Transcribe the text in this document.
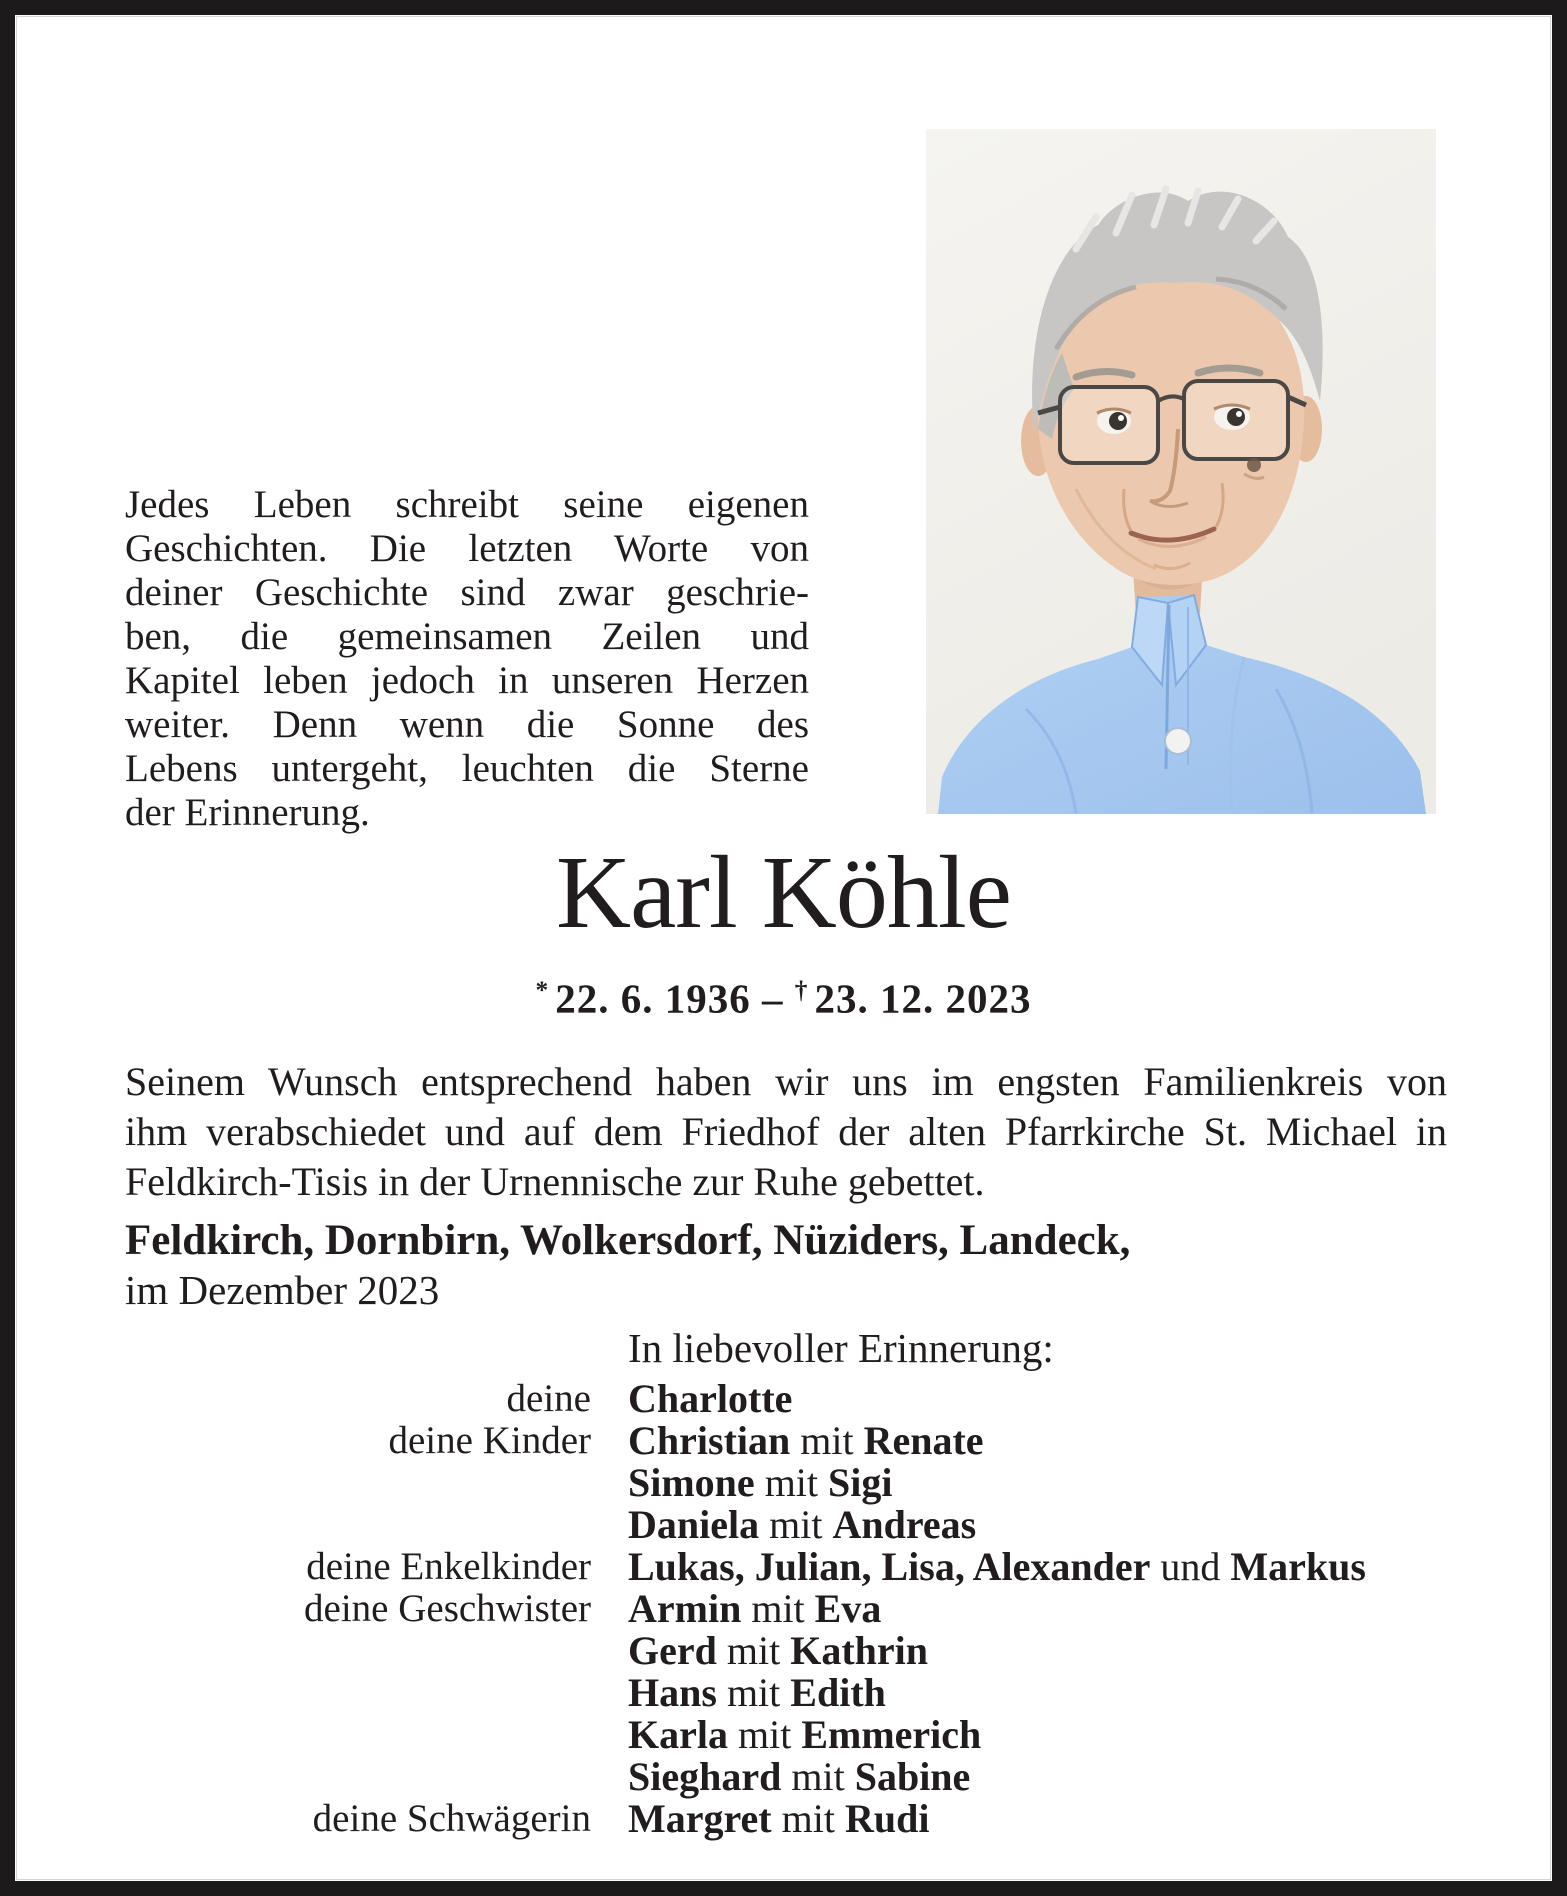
Jedes Leben schreibt seine eigenen
Geschichten. Die letzten Worte von
deiner Geschichte sind zwar geschrie-
ben, die gemeinsamen Zeilen und
Kapitel leben jedoch in unseren Herzen
weiter. Denn wenn die Sonne des
Lebens untergeht, leuchten die Sterne
der Erinnerung.
Karl Köhle
* 22. 6. 1936 – † 23. 12. 2023
Seinem Wunsch entsprechend haben wir uns im engsten Familienkreis von
ihm verabschiedet und auf dem Friedhof der alten Pfarrkirche St. Michael in
Feldkirch-Tisis in der Urnennische zur Ruhe gebettet.
Feldkirch, Dornbirn, Wolkersdorf, Nüziders, Landeck,
im Dezember 2023
In liebevoller Erinnerung:
deine Charlotte
deine Kinder Christian mit Renate
Simone mit Sigi
Daniela mit Andreas
deine Enkelkinder Lukas, Julian, Lisa, Alexander und Markus
deine Geschwister Armin mit Eva
Gerd mit Kathrin
Hans mit Edith
Karla mit Emmerich
Sieghard mit Sabine
deine Schwägerin Margret mit Rudi
